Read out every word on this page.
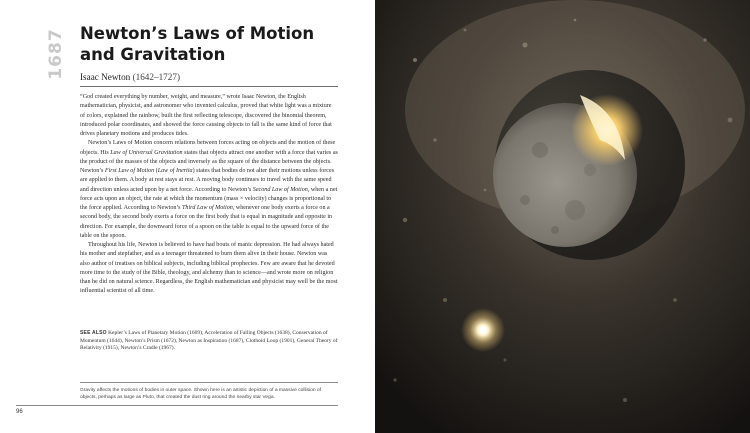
1687 Newton’s Laws of Motion and Gravitation
Isaac Newton (1642–1727)

“God created everything by number, weight, and measure,” wrote Isaac Newton, the English mathematician, physicist, and astronomer who invented calculus, proved that white light was a mixture of colors, explained the rainbow, built the first reflecting telescope, discovered the binomial theorem, introduced polar coordinates, and showed the force causing objects to fall is the same kind of force that drives planetary motions and produces tides.

Newton’s Laws of Motion concern relations between forces acting on objects and the motion of these objects. His Law of Universal Gravitation states that objects attract one another with a force that varies as the product of the masses of the objects and inversely as the square of the distance between the objects. Newton’s First Law of Motion (Law of Inertia) states that bodies do not alter their motions unless forces are applied to them. A body at rest stays at rest. A moving body continues to travel with the same speed and direction unless acted upon by a net force. According to Newton’s Second Law of Motion, when a net force acts upon an object, the rate at which the momentum (mass × velocity) changes is proportional to the force applied. According to Newton’s Third Law of Motion, whenever one body exerts a force on a second body, the second body exerts a force on the first body that is equal in magnitude and opposite in direction. For example, the downward force of a spoon on the table is equal to the upward force of the table on the spoon.

Throughout his life, Newton is believed to have had bouts of manic depression. He had always hated his mother and stepfather, and as a teenager threatened to burn them alive in their house. Newton was also author of treatises on biblical subjects, including biblical prophecies. Few are aware that he devoted more time to the study of the Bible, theology, and alchemy than to science—and wrote more on religion than he did on natural science. Regardless, the English mathematician and physicist may well be the most influential scientist of all time.

SEE ALSO Kepler’s Laws of Planetary Motion (1609), Acceleration of Falling Objects (1638), Conservation of Momentum (1644), Newton’s Prism (1672), Newton as Inspiration (1687), Clothoid Loop (1901), General Theory of Relativity (1915), Newton’s Cradle (1967).
Gravity affects the motions of bodies in outer space. Shown here is an artistic depiction of a massive collision of objects, perhaps as large as Pluto, that created the dust ring around the nearby star Vega.
96
